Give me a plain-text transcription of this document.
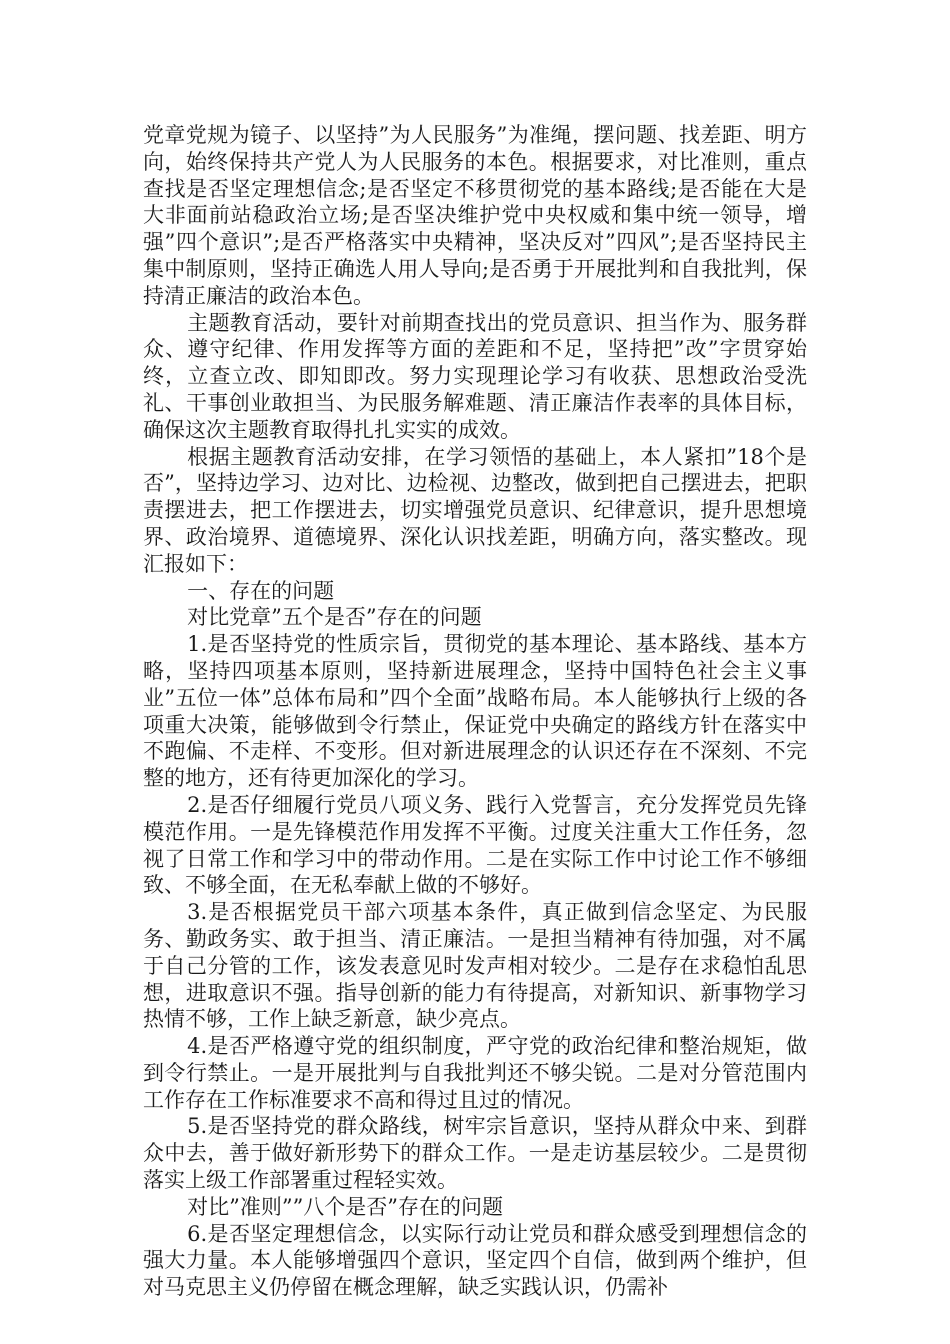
党章党规为镜子、以坚持”为人民服务”为准绳，摆问题、找差距、明方向，始终保持共产党人为人民服务的本色。根据要求，对比准则，重点查找是否坚定理想信念;是否坚定不移贯彻党的基本路线;是否能在大是大非面前站稳政治立场;是否坚决维护党中央权威和集中统一领导，增强”四个意识”;是否严格落实中央精神，坚决反对”四风”;是否坚持民主集中制原则，坚持正确选人用人导向;是否勇于开展批判和自我批判，保持清正廉洁的政治本色。

主题教育活动，要针对前期查找出的党员意识、担当作为、服务群众、遵守纪律、作用发挥等方面的差距和不足，坚持把”改”字贯穿始终，立查立改、即知即改。努力实现理论学习有收获、思想政治受洗礼、干事创业敢担当、为民服务解难题、清正廉洁作表率的具体目标，确保这次主题教育取得扎扎实实的成效。

根据主题教育活动安排，在学习领悟的基础上，本人紧扣”18个是否”，坚持边学习、边对比、边检视、边整改，做到把自己摆进去，把职责摆进去，把工作摆进去，切实增强党员意识、纪律意识，提升思想境界、政治境界、道德境界、深化认识找差距，明确方向，落实整改。现汇报如下：

一、存在的问题

对比党章”五个是否”存在的问题

1.是否坚持党的性质宗旨，贯彻党的基本理论、基本路线、基本方略，坚持四项基本原则，坚持新进展理念，坚持中国特色社会主义事业”五位一体”总体布局和”四个全面”战略布局。本人能够执行上级的各项重大决策，能够做到令行禁止，保证党中央确定的路线方针在落实中不跑偏、不走样、不变形。但对新进展理念的认识还存在不深刻、不完整的地方，还有待更加深化的学习。

2.是否仔细履行党员八项义务、践行入党誓言，充分发挥党员先锋模范作用。一是先锋模范作用发挥不平衡。过度关注重大工作任务，忽视了日常工作和学习中的带动作用。二是在实际工作中讨论工作不够细致、不够全面，在无私奉献上做的不够好。

3.是否根据党员干部六项基本条件，真正做到信念坚定、为民服务、勤政务实、敢于担当、清正廉洁。一是担当精神有待加强，对不属于自己分管的工作，该发表意见时发声相对较少。二是存在求稳怕乱思想，进取意识不强。指导创新的能力有待提高，对新知识、新事物学习热情不够，工作上缺乏新意，缺少亮点。

4.是否严格遵守党的组织制度，严守党的政治纪律和整治规矩，做到令行禁止。一是开展批判与自我批判还不够尖锐。二是对分管范围内工作存在工作标准要求不高和得过且过的情况。

5.是否坚持党的群众路线，树牢宗旨意识，坚持从群众中来、到群众中去，善于做好新形势下的群众工作。一是走访基层较少。二是贯彻落实上级工作部署重过程轻实效。

对比”准则””八个是否”存在的问题

6.是否坚定理想信念，以实际行动让党员和群众感受到理想信念的强大力量。本人能够增强四个意识，坚定四个自信，做到两个维护，但对马克思主义仍停留在概念理解，缺乏实践认识，仍需补
